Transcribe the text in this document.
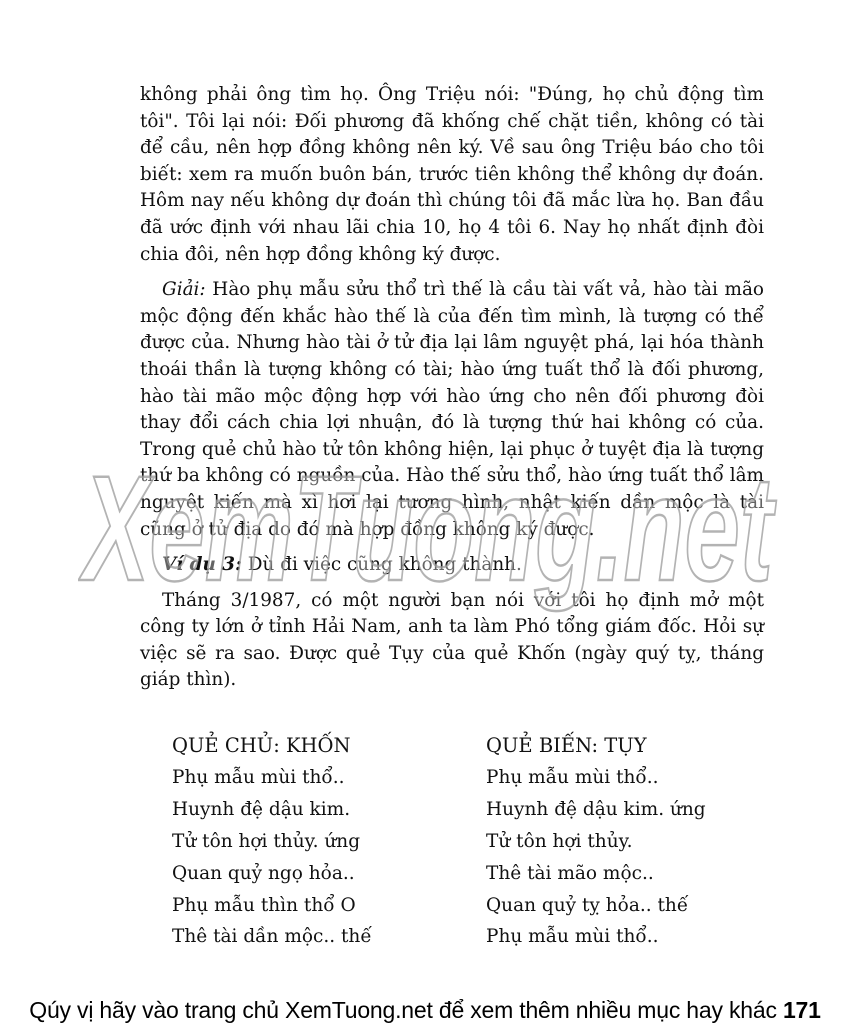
không phải ông tìm họ. Ông Triệu nói: "Đúng, họ chủ động tìm tôi". Tôi lại nói: Đối phương đã khống chế chặt tiền, không có tài để cầu, nên hợp đồng không nên ký. Về sau ông Triệu báo cho tôi biết: xem ra muốn buôn bán, trước tiên không thể không dự đoán. Hôm nay nếu không dự đoán thì chúng tôi đã mắc lừa họ. Ban đầu đã ước định với nhau lãi chia 10, họ 4 tôi 6. Nay họ nhất định đòi chia đôi, nên hợp đồng không ký được.

Giải: Hào phụ mẫu sửu thổ trì thế là cầu tài vất vả, hào tài mão mộc động đến khắc hào thế là của đến tìm mình, là tượng có thể được của. Nhưng hào tài ở tử địa lại lâm nguyệt phá, lại hóa thành thoái thần là tượng không có tài; hào ứng tuất thổ là đối phương, hào tài mão mộc động hợp với hào ứng cho nên đối phương đòi thay đổi cách chia lợi nhuận, đó là tượng thứ hai không có của. Trong quẻ chủ hào tử tôn không hiện, lại phục ở tuyệt địa là tượng thứ ba không có nguồn của. Hào thế sửu thổ, hào ứng tuất thổ lâm nguyệt kiến mà xì hơi lại tương hình, nhật kiến dần mộc là tài cũng ở tử địa do đó mà hợp đồng không ký được.

Ví dụ 3: Dù đi việc cũng không thành.

Tháng 3/1987, có một người bạn nói với tôi họ định mở một công ty lớn ở tỉnh Hải Nam, anh ta làm Phó tổng giám đốc. Hỏi sự việc sẽ ra sao. Được quẻ Tụy của quẻ Khốn (ngày quý tỵ, tháng giáp thìn).

QUẺ CHỦ: KHỐN	QUẺ BIẾN: TỤY
Phụ mẫu mùi thổ..	Phụ mẫu mùi thổ..
Huynh đệ dậu kim.	Huynh đệ dậu kim. ứng
Tử tôn hợi thủy. ứng	Tử tôn hợi thủy.
Quan quỷ ngọ hỏa..	Thê tài mão mộc..
Phụ mẫu thìn thổ O	Quan quỷ tỵ hỏa.. thế
Thê tài dần mộc.. thế	Phụ mẫu mùi thổ..
XemTuong.net
Qúy vị hãy vào trang chủ XemTuong.net để xem thêm nhiều mục hay khác 171
